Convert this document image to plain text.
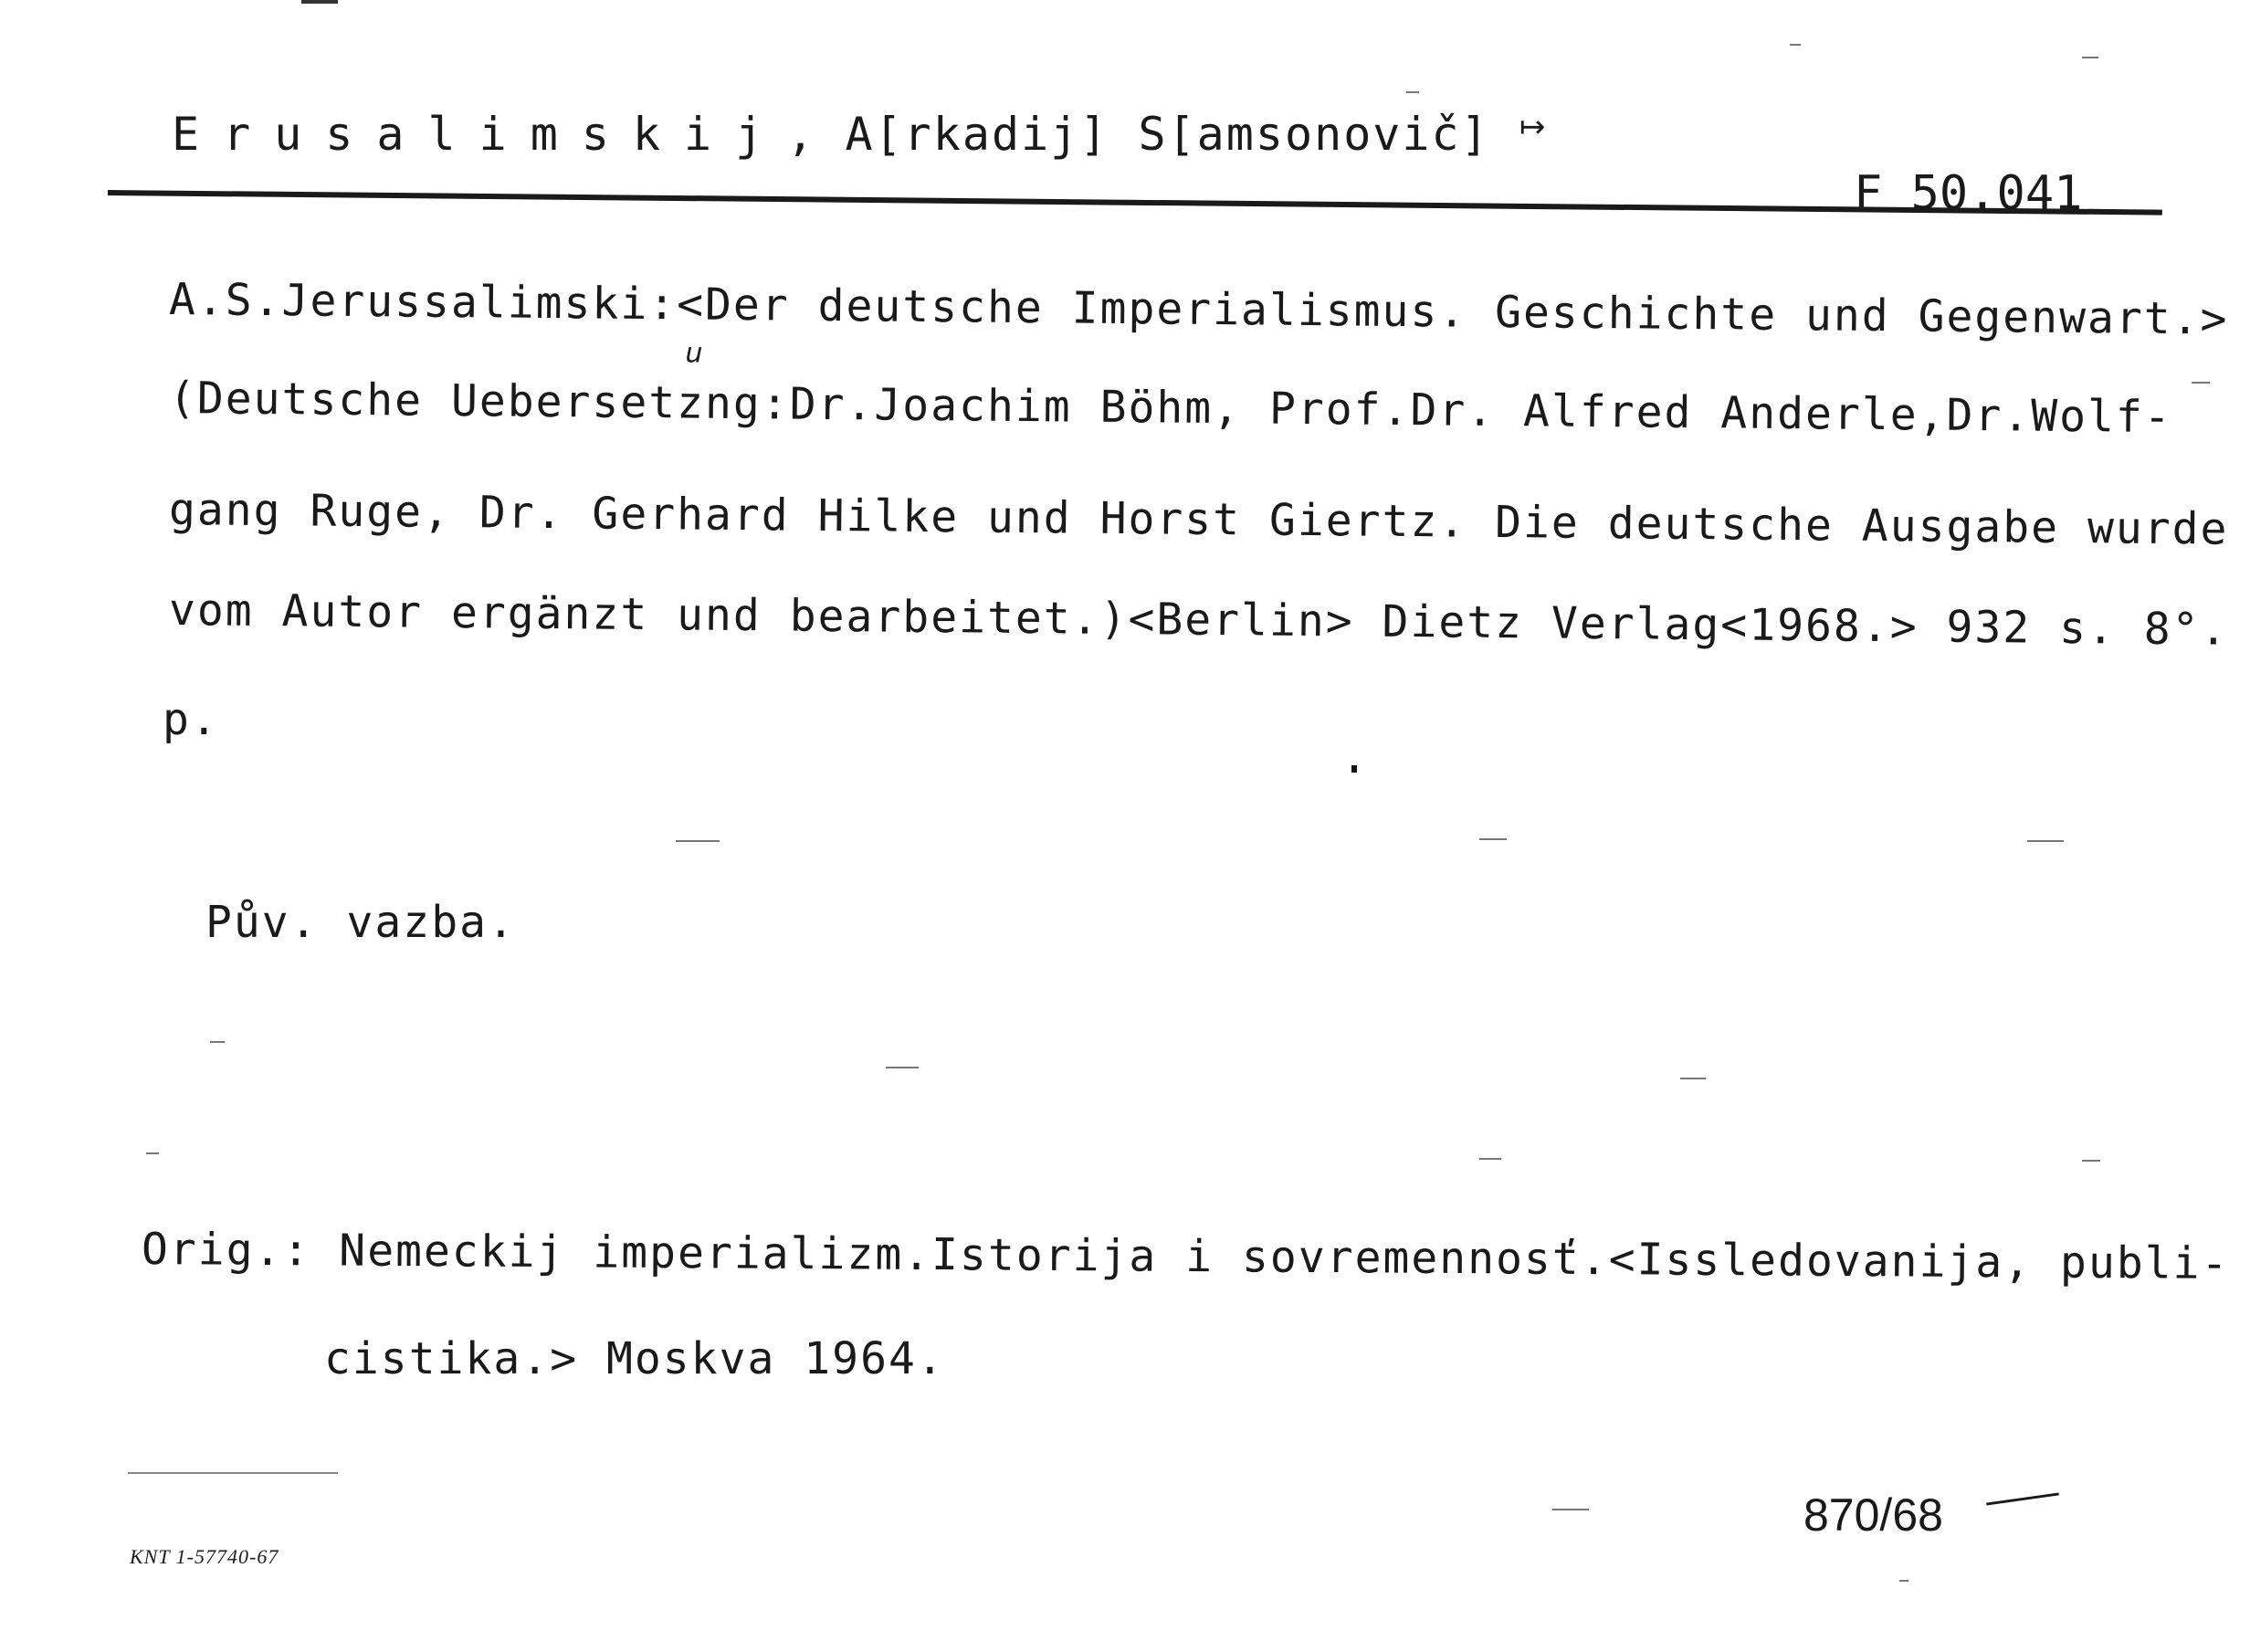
Erusalimskij, A[rkadij] S[amsonovič] ↦
F 50.041
A.S.Jerussalimski:<Der deutsche Imperialismus. Geschichte und Gegenwart.>
(Deutsche Uebersetzng:Dr.Joachim Böhm, Prof.Dr. Alfred Anderle,Dr.Wolf-
u
gang Ruge, Dr. Gerhard Hilke und Horst Giertz. Die deutsche Ausgabe wurde
vom Autor ergänzt und bearbeitet.)<Berlin> Dietz Verlag<1968.> 932 s. 8°.
p.
Pův. vazba.
Orig.: Nemeckij imperializm.Istorija i sovremennosť.<Issledovanija, publi-
cistika.> Moskva 1964.
870/68
KNT 1-57740-67
